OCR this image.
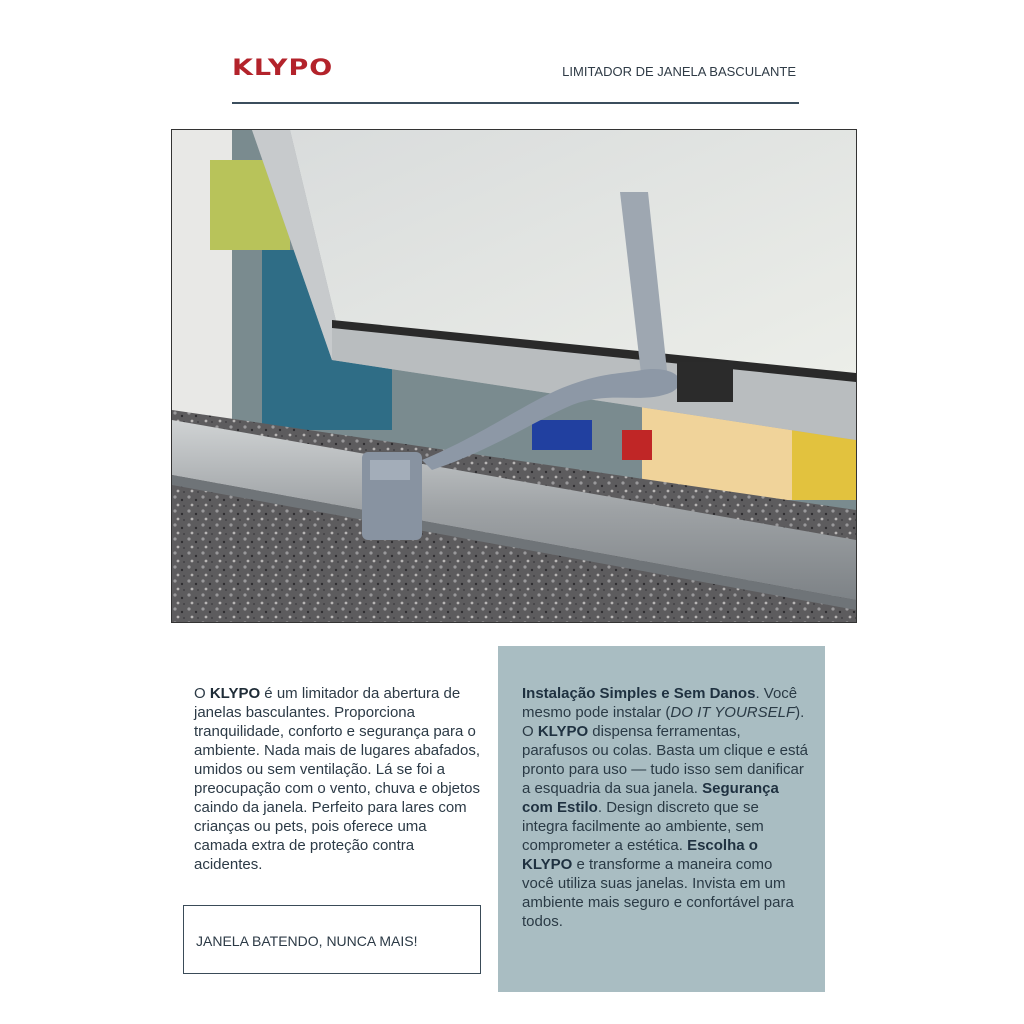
KLYPO	LIMITADOR DE JANELA BASCULANTE
O KLYPO é um limitador da abertura de janelas basculantes. Proporciona tranquilidade, conforto e segurança para o ambiente. Nada mais de lugares abafados, umidos ou sem ventilação. Lá se foi a preocupação com o vento, chuva e objetos caindo da janela. Perfeito para lares com crianças ou pets, pois oferece uma camada extra de proteção contra acidentes.
JANELA BATENDO, NUNCA MAIS!
Instalação Simples e Sem Danos. Você mesmo pode instalar (DO IT YOURSELF). O KLYPO dispensa ferramentas, parafusos ou colas. Basta um clique e está pronto para uso — tudo isso sem danificar a esquadria da sua janela. Segurança com Estilo. Design discreto que se integra facilmente ao ambiente, sem comprometer a estética. Escolha o KLYPO e transforme a maneira como você utiliza suas janelas. Invista em um ambiente mais seguro e confortável para todos.
